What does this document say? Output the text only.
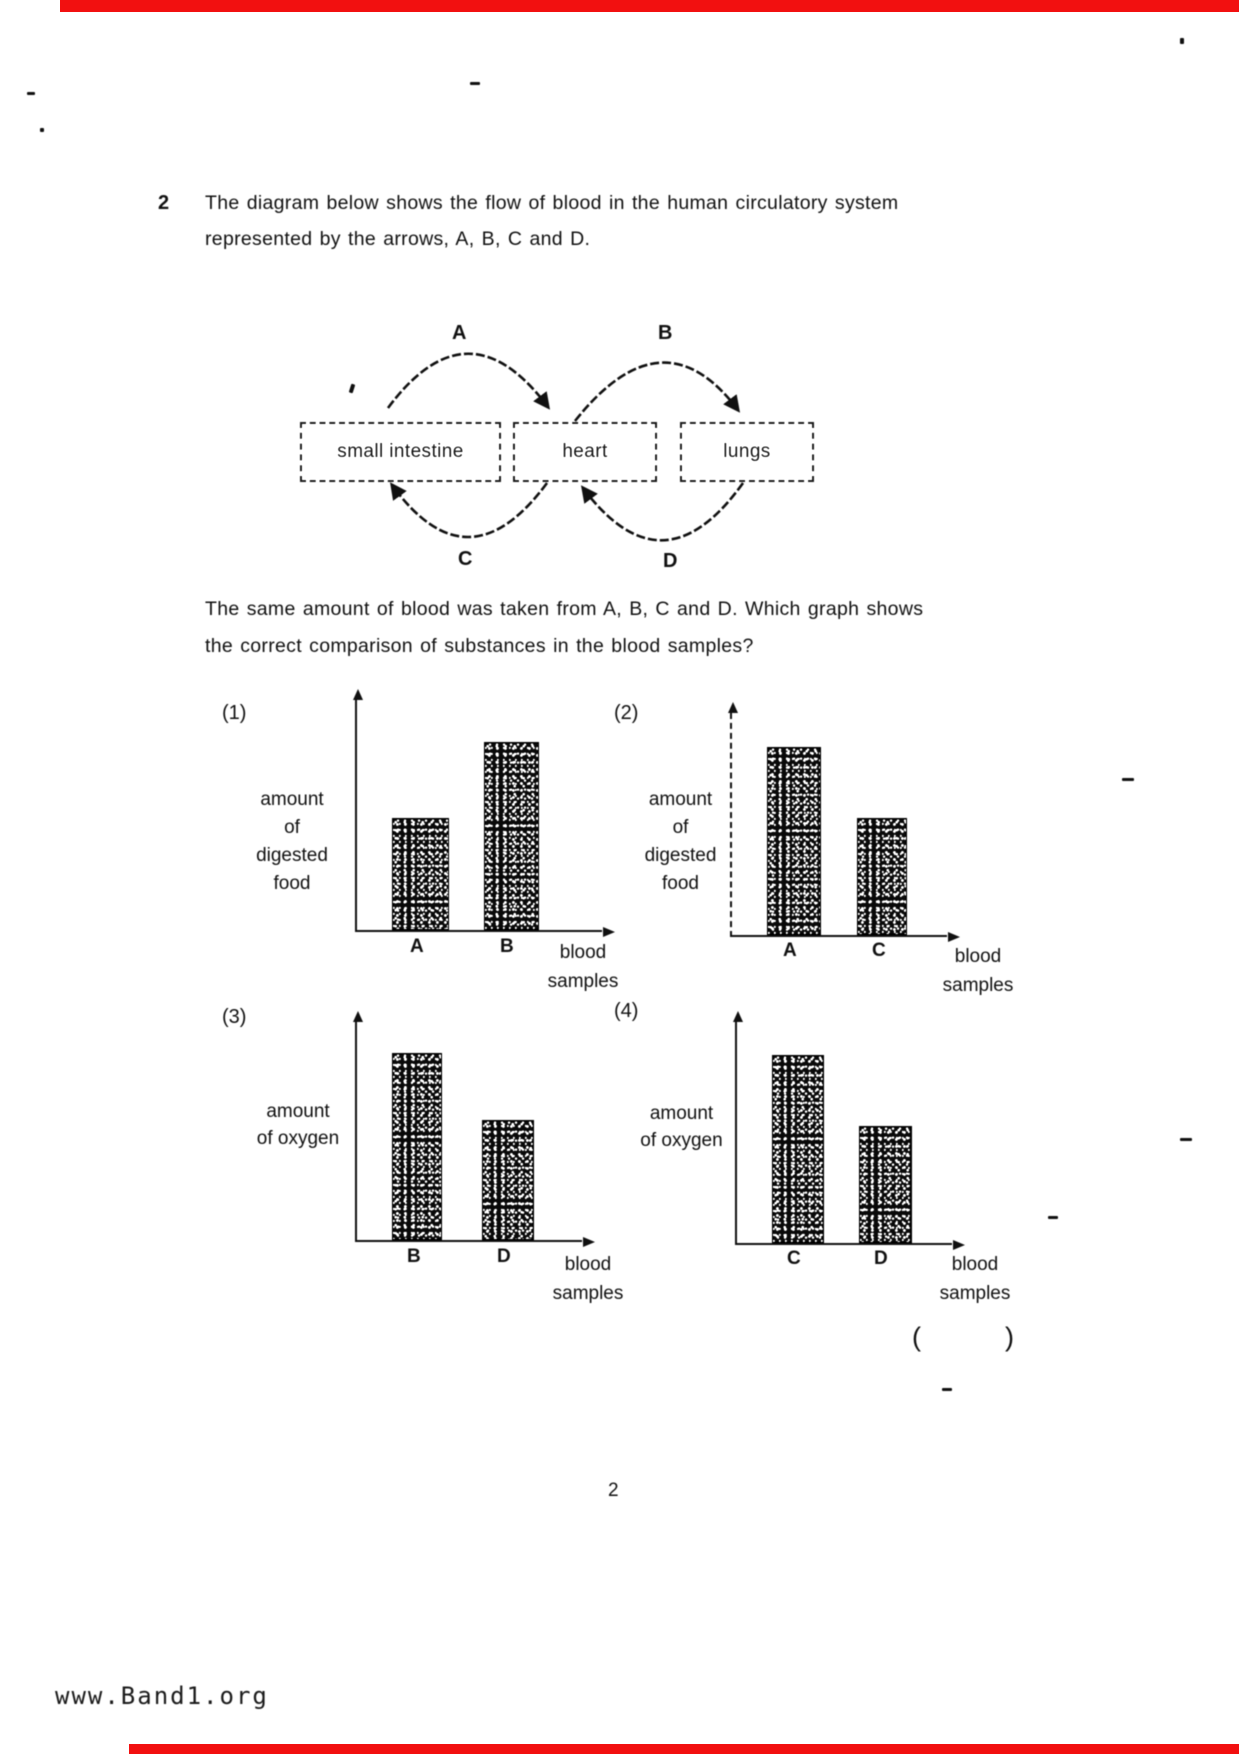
2 The diagram below shows the flow of blood in the human circulatory system
represented by the arrows, A, B, C and D.
small intestine	heart	lungs
A	B
C	D
The same amount of blood was taken from A, B, C and D. Which graph shows
the correct comparison of substances in the blood samples?
(1)
amount
of
digested
food
A	B	blood
samples
(2)
amount
of
digested
food
A	C	blood
samples
(3)
amount
of oxygen
B	D	blood
samples
(4)
amount
of oxygen
C	D	blood
samples
(	)
2
www.Band1.org
